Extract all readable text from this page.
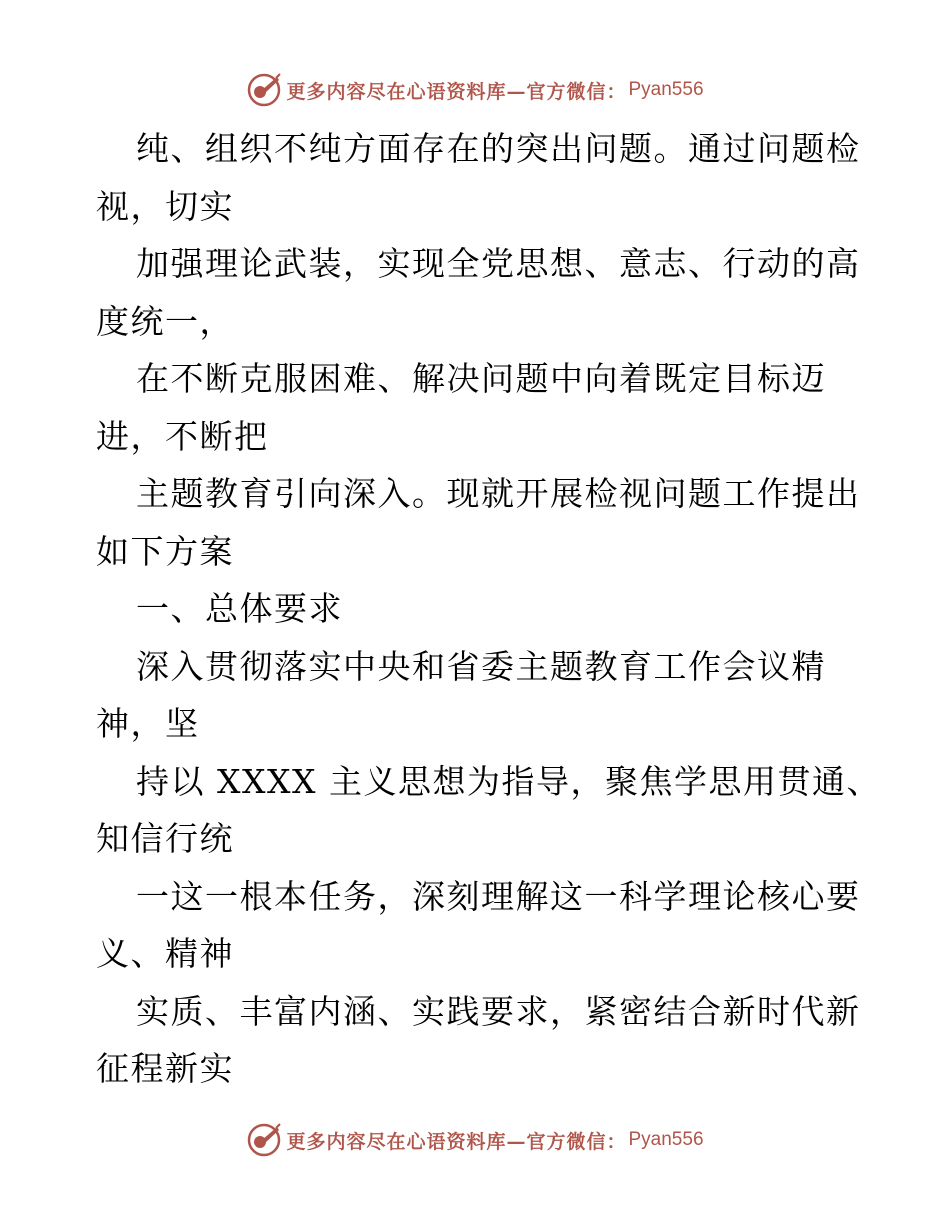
更多内容尽在心语资料库—官方微信： Pyan556
纯、组织不纯方面存在的突出问题。通过问题检
视，切实
加强理论武装，实现全党思想、意志、行动的高
度统一，
在不断克服困难、解决问题中向着既定目标迈
进，不断把
主题教育引向深入。现就开展检视问题工作提出
如下方案
一、总体要求
深入贯彻落实中央和省委主题教育工作会议精
神，坚
持以 XXXX 主义思想为指导，聚焦学思用贯通、
知信行统
一这一根本任务，深刻理解这一科学理论核心要
义、精神
实质、丰富内涵、实践要求，紧密结合新时代新
征程新实
更多内容尽在心语资料库—官方微信： Pyan556
